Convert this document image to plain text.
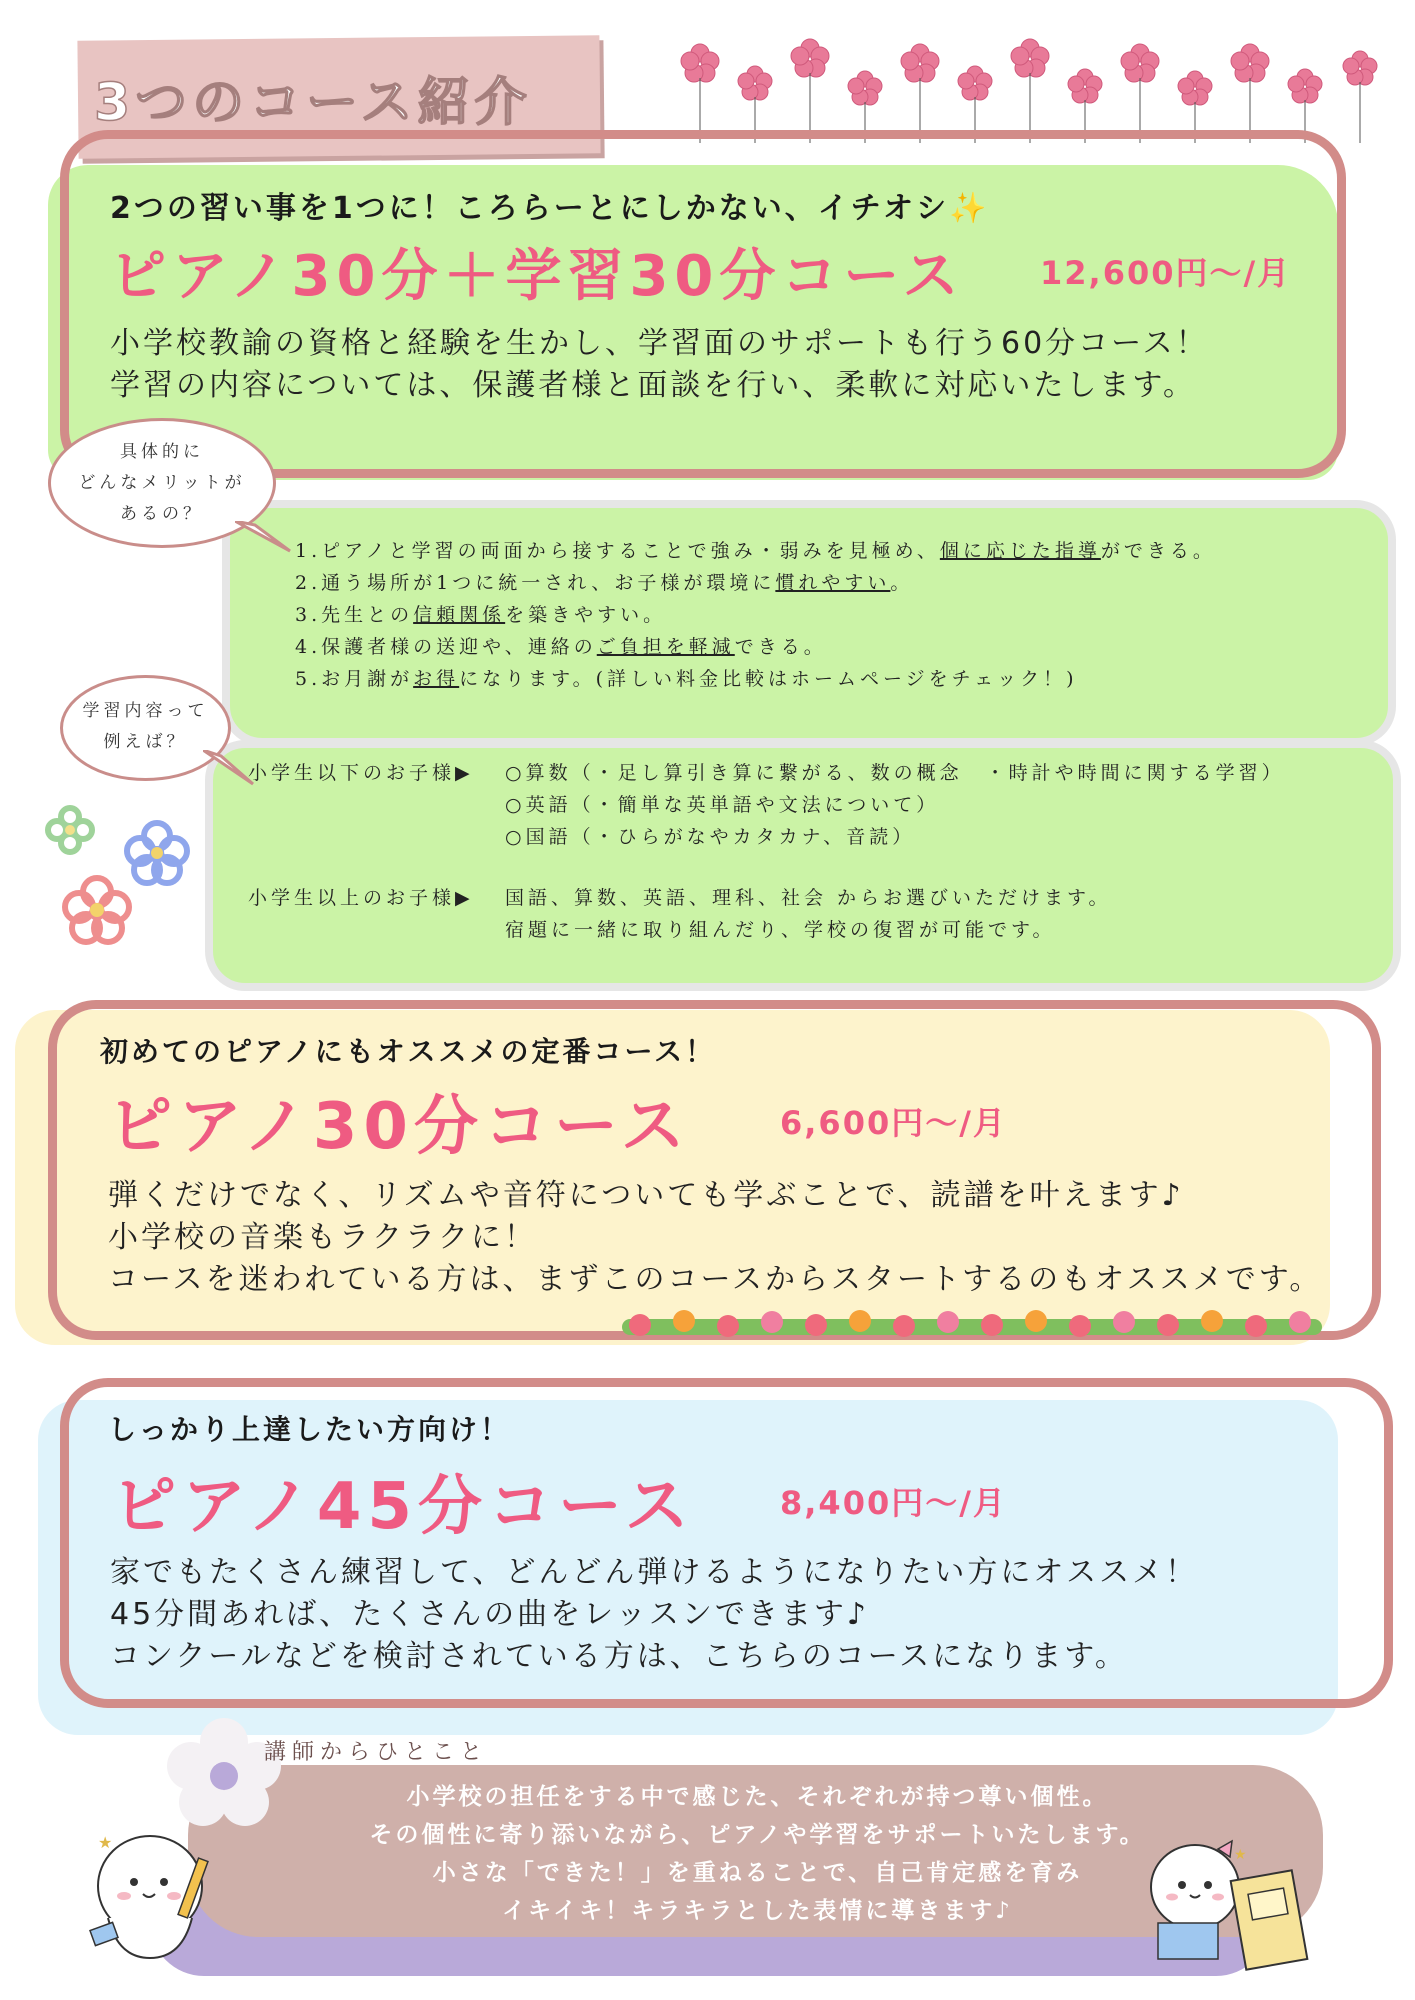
3つのコース紹介
2つの習い事を1つに！ころらーとにしかない、イチオシ✨
ピアノ30分＋学習30分コース 12,600円〜/月
小学校教諭の資格と経験を生かし、学習面のサポートも行う60分コース！
学習の内容については、保護者様と面談を行い、柔軟に対応いたします。
具体的に
どんなメリットが
あるの？
1.ピアノと学習の両面から接することで強み・弱みを見極め、個に応じた指導ができる。
2.通う場所が1つに統一され、お子様が環境に慣れやすい。
3.先生との信頼関係を築きやすい。
4.保護者様の送迎や、連絡のご負担を軽減できる。
5.お月謝がお得になります。(詳しい料金比較はホームページをチェック！)
学習内容って
例えば？
小学生以下のお子様▶ ○算数（・足し算引き算に繋がる、数の概念　・時計や時間に関する学習）
○英語（・簡単な英単語や文法について）
○国語（・ひらがなやカタカナ、音読）
小学生以上のお子様▶ 国語、算数、英語、理科、社会 からお選びいただけます。
宿題に一緒に取り組んだり、学校の復習が可能です。
初めてのピアノにもオススメの定番コース！
ピアノ30分コース	6,600円〜/月
弾くだけでなく、リズムや音符についても学ぶことで、読譜を叶えます♪
小学校の音楽もラクラクに！
コースを迷われている方は、まずこのコースからスタートするのもオススメです。
しっかり上達したい方向け！
ピアノ45分コース	8,400円〜/月
家でもたくさん練習して、どんどん弾けるようになりたい方にオススメ！
45分間あれば、たくさんの曲をレッスンできます♪
コンクールなどを検討されている方は、こちらのコースになります。
講師からひとこと
小学校の担任をする中で感じた、それぞれが持つ尊い個性。
その個性に寄り添いながら、ピアノや学習をサポートいたします。
小さな「できた！」を重ねることで、自己肯定感を育み
イキイキ！キラキラとした表情に導きます♪
★
★
